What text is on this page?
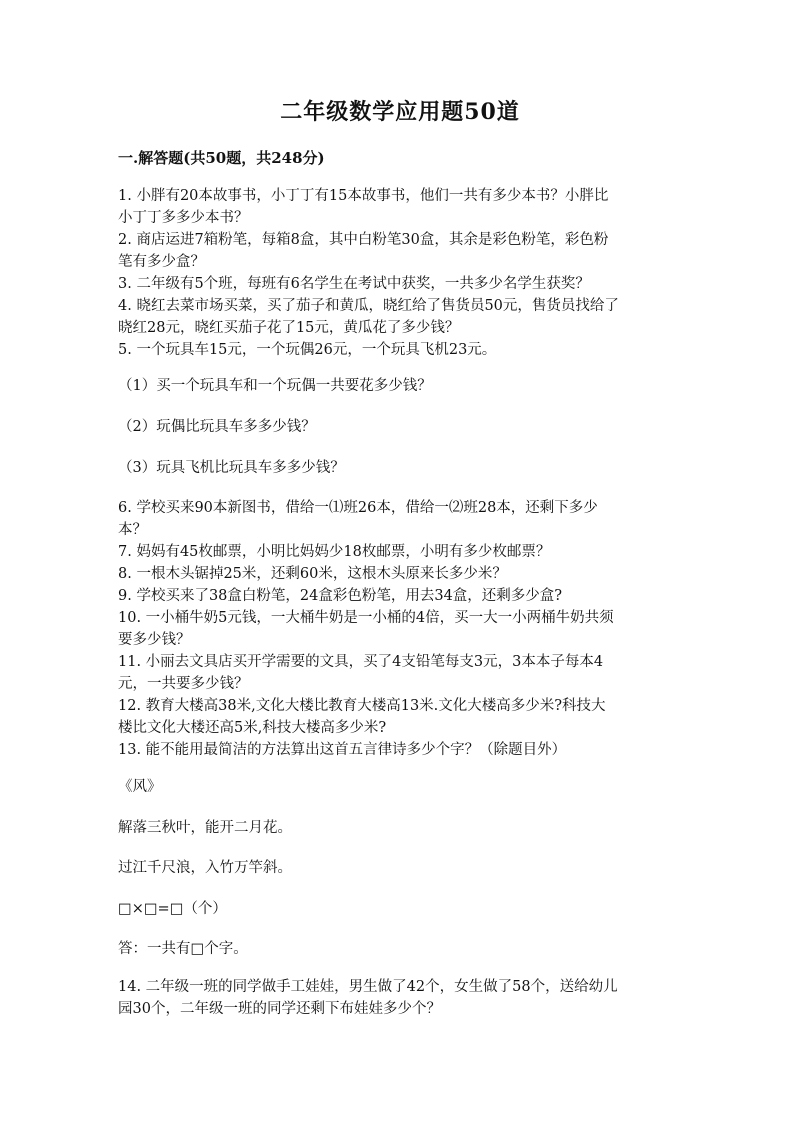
二年级数学应用题50道
一.解答题(共50题，共248分)
1. 小胖有20本故事书，小丁丁有15本故事书，他们一共有多少本书？小胖比
小丁丁多多少本书？
2. 商店运进7箱粉笔，每箱8盒，其中白粉笔30盒，其余是彩色粉笔，彩色粉
笔有多少盒？
3. 二年级有5个班，每班有6名学生在考试中获奖，一共多少名学生获奖？
4. 晓红去菜市场买菜，买了茄子和黄瓜，晓红给了售货员50元，售货员找给了
晓红28元，晓红买茄子花了15元，黄瓜花了多少钱？
5. 一个玩具车15元，一个玩偶26元，一个玩具飞机23元。
（1）买一个玩具车和一个玩偶一共要花多少钱？
（2）玩偶比玩具车多多少钱？
（3）玩具飞机比玩具车多多少钱？
6. 学校买来90本新图书，借给一⑴班26本，借给一⑵班28本，还剩下多少
本？
7. 妈妈有45枚邮票，小明比妈妈少18枚邮票，小明有多少枚邮票？
8. 一根木头锯掉25米，还剩60米，这根木头原来长多少米？
9. 学校买来了38盒白粉笔，24盒彩色粉笔，用去34盒，还剩多少盒?
10. 一小桶牛奶5元钱，一大桶牛奶是一小桶的4倍，买一大一小两桶牛奶共须
要多少钱？
11. 小丽去文具店买开学需要的文具，买了4支铅笔每支3元，3本本子每本4
元，一共要多少钱？
12. 教育大楼高38米,文化大楼比教育大楼高13米.文化大楼高多少米?科技大
楼比文化大楼还高5米,科技大楼高多少米?
13. 能不能用最简洁的方法算出这首五言律诗多少个字？（除题目外）
《风》
解落三秋叶，能开二月花。
过江千尺浪，入竹万竿斜。
□×□=□（个）
答：一共有□个字。
14. 二年级一班的同学做手工娃娃，男生做了42个，女生做了58个，送给幼儿
园30个，二年级一班的同学还剩下布娃娃多少个？
